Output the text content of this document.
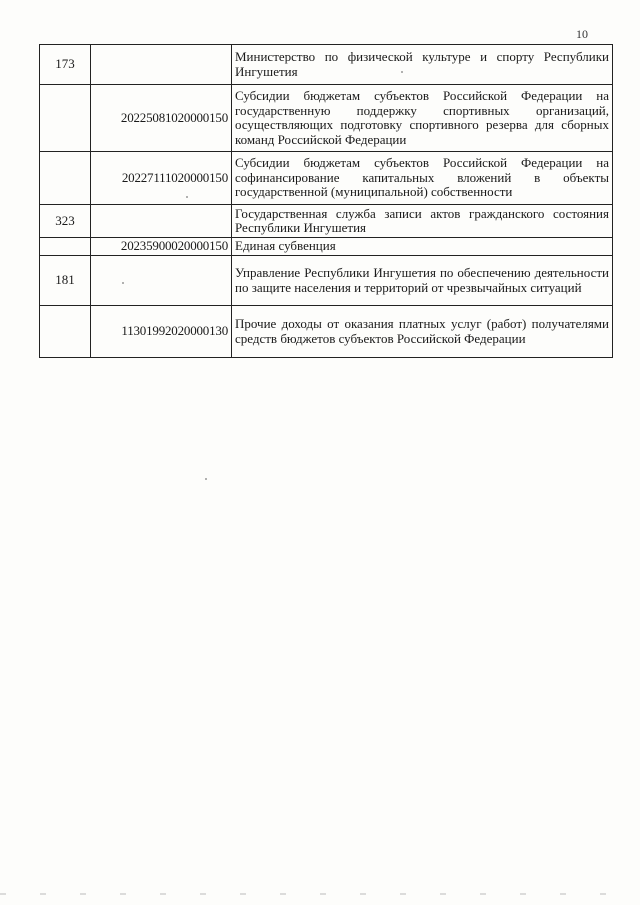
10
173		Министерство по физической культуре и спорту Республики Ингушетия
	20225081020000150	Субсидии бюджетам субъектов Российской Федерации на государственную поддержку спортивных организаций, осуществляющих подготовку спортивного резерва для сборных команд Российской Федерации
	20227111020000150	Субсидии бюджетам субъектов Российской Федерации на софинансирование капитальных вложений в объекты государственной (муниципальной) собственности
323		Государственная служба записи актов гражданского состояния Республики Ингушетия
	20235900020000150	Единая субвенция
181		Управление Республики Ингушетия по обеспечению деятельности по защите населения и территорий от чрезвычайных ситуаций
	11301992020000130	Прочие доходы от оказания платных услуг (работ) получателями средств бюджетов субъектов Российской Федерации
